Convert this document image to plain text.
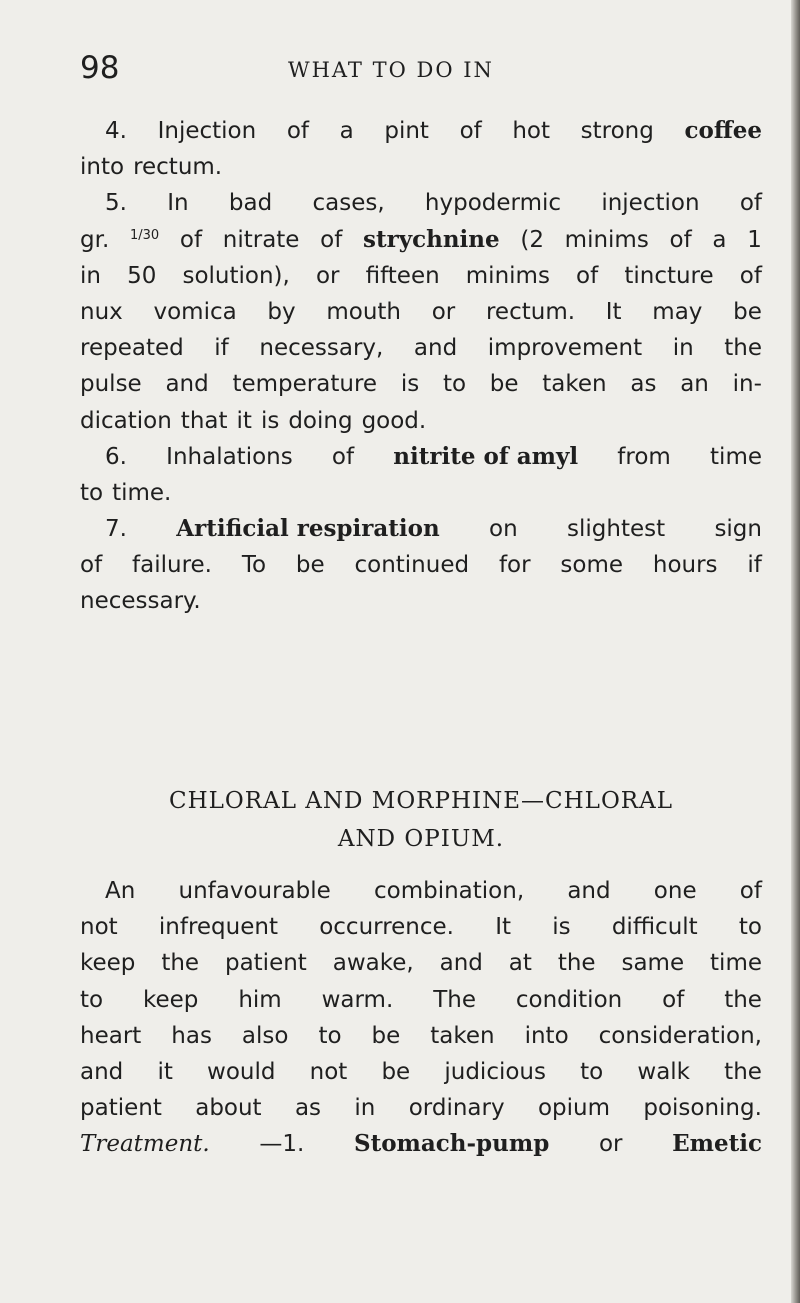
98	WHAT TO DO IN
4. Injection of a pint of hot strong coffee
into rectum.
5. In bad cases, hypodermic injection of
gr. 1/30 of nitrate of strychnine (2 minims of a 1
in 50 solution), or fifteen minims of tincture of
nux vomica by mouth or rectum. It may be
repeated if necessary, and improvement in the
pulse and temperature is to be taken as an in-
dication that it is doing good.
6. Inhalations of nitrite of amyl from time
to time.
7. Artificial respiration on slightest sign
of failure. To be continued for some hours if
necessary.
CHLORAL AND MORPHINE—CHLORAL
AND OPIUM.
An unfavourable combination, and one of
not infrequent occurrence. It is difficult to
keep the patient awake, and at the same time
to keep him warm. The condition of the
heart has also to be taken into consideration,
and it would not be judicious to walk the
patient about as in ordinary opium poisoning.
Treatment. —1. Stomach-pump or Emetic
